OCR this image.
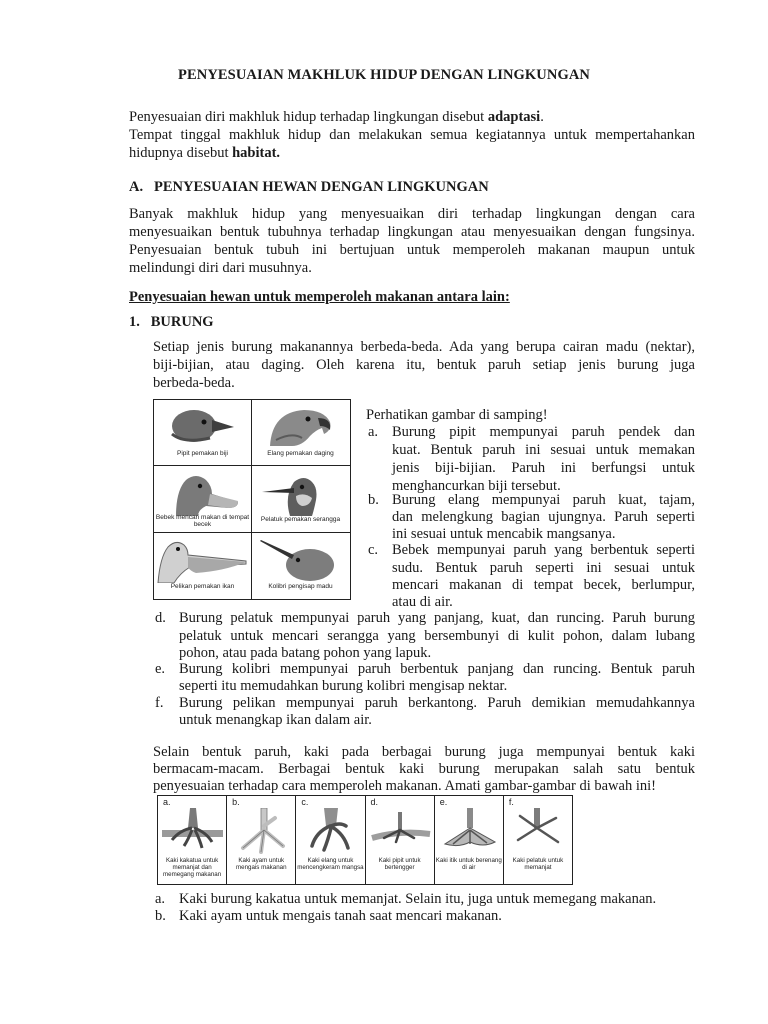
PENYESUAIAN MAKHLUK HIDUP DENGAN LINGKUNGAN
Penyesuaian diri makhluk hidup terhadap lingkungan disebut adaptasi.
Tempat tinggal makhluk hidup dan melakukan semua kegiatannya untuk mempertahankan
hidupnya disebut habitat.
A.   PENYESUAIAN HEWAN DENGAN LINGKUNGAN
Banyak makhluk hidup yang menyesuaikan diri terhadap lingkungan dengan cara
menyesuaikan bentuk tubuhnya terhadap lingkungan atau menyesuaikan dengan fungsinya.
Penyesuaian bentuk tubuh ini bertujuan untuk memperoleh makanan maupun untuk
melindungi diri dari musuhnya.
Penyesuaian hewan untuk memperoleh makanan antara lain:
1.   BURUNG
Setiap jenis burung makanannya berbeda-beda. Ada yang berupa cairan madu (nektar),
biji-bijian, atau daging. Oleh karena itu, bentuk paruh setiap jenis burung juga
berbeda-beda.
Pipit pemakan biji	Elang pemakan daging
Bebek mencari makan di tempat becek
Pelatuk pemakan serangga
Pelikan pemakan ikan	Kolibri pengisap madu
Perhatikan gambar di samping!
a. Burung pipit mempunyai paruh pendek dan
kuat. Bentuk paruh ini sesuai untuk memakan
jenis biji-bijian. Paruh ini berfungsi untuk
menghancurkan biji tersebut.
b. Burung elang mempunyai paruh kuat, tajam,
dan melengkung bagian ujungnya. Paruh seperti
ini sesuai untuk mencabik mangsanya.
c. Bebek mempunyai paruh yang berbentuk seperti
sudu. Bentuk paruh seperti ini sesuai untuk
mencari makanan di tempat becek, berlumpur,
atau di air.
d. Burung pelatuk mempunyai paruh yang panjang, kuat, dan runcing. Paruh burung
pelatuk untuk mencari serangga yang bersembunyi di kulit pohon, dalam lubang
pohon, atau pada batang pohon yang lapuk.
e. Burung kolibri mempunyai paruh berbentuk panjang dan runcing. Bentuk paruh
seperti itu memudahkan burung kolibri mengisap nektar.
f. Burung pelikan mempunyai paruh berkantong. Paruh demikian memudahkannya
untuk menangkap ikan dalam air.
Selain bentuk paruh, kaki pada berbagai burung juga mempunyai bentuk kaki
bermacam-macam. Berbagai bentuk kaki burung merupakan salah satu bentuk
penyesuaian terhadap cara memperoleh makanan. Amati gambar-gambar di bawah ini!
a.
Kaki kakatua untuk memanjat dan memegang makanan
b.
Kaki ayam untuk mengais makanan
c.
Kaki elang untuk mencengkeram mangsa
d.
Kaki pipit untuk bertengger
e.
Kaki itik untuk berenang di air
f.
Kaki pelatuk untuk memanjat
a. Kaki burung kakatua untuk memanjat. Selain itu, juga untuk memegang makanan.
b. Kaki ayam untuk mengais tanah saat mencari makanan.
